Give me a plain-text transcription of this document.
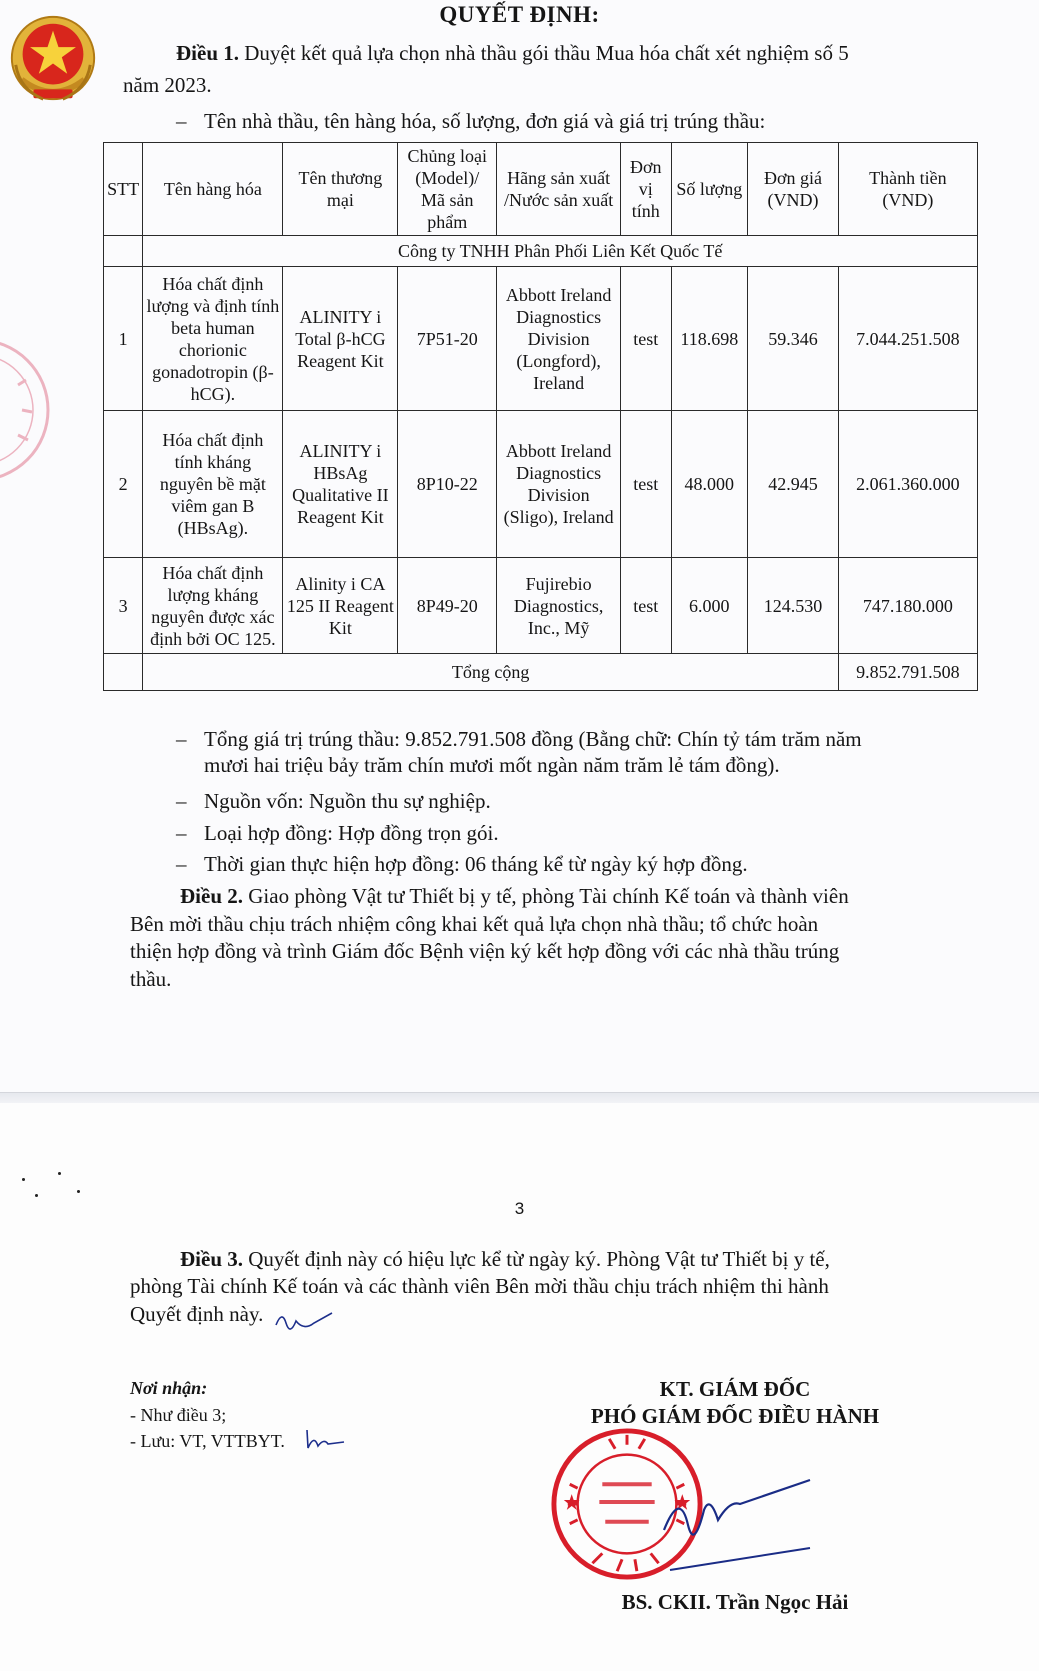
QUYẾT ĐỊNH:
Điều 1. Duyệt kết quả lựa chọn nhà thầu gói thầu Mua hóa chất xét nghiệm số 5
năm 2023.
– Tên nhà thầu, tên hàng hóa, số lượng, đơn giá và giá trị trúng thầu:
STT	Tên hàng hóa	Tên thương mại	Chủng loại (Model)/ Mã sản phẩm	Hãng sản xuất /Nước sản xuất	Đơn vị tính	Số lượng	Đơn giá (VND)	Thành tiền (VND)
	Công ty TNHH Phân Phối Liên Kết Quốc Tế							
1	Hóa chất định lượng và định tính beta human chorionic gonadotropin (β-hCG).	ALINITY i Total β-hCG Reagent Kit	7P51-20	Abbott Ireland Diagnostics Division (Longford), Ireland	test	118.698	59.346	7.044.251.508
2	Hóa chất định tính kháng nguyên bề mặt viêm gan B (HBsAg).	ALINITY i HBsAg Qualitative II Reagent Kit	8P10-22	Abbott Ireland Diagnostics Division (Sligo), Ireland	test	48.000	42.945	2.061.360.000
3	Hóa chất định lượng kháng nguyên được xác định bởi OC 125.	Alinity i CA 125 II Reagent Kit	8P49-20	Fujirebio Diagnostics, Inc., Mỹ	test	6.000	124.530	747.180.000
	Tổng cộng							9.852.791.508
– Tổng giá trị trúng thầu: 9.852.791.508 đồng (Bằng chữ: Chín tỷ tám trăm năm
mươi hai triệu bảy trăm chín mươi mốt ngàn năm trăm lẻ tám đồng).
– Nguồn vốn: Nguồn thu sự nghiệp.
– Loại hợp đồng: Hợp đồng trọn gói.
– Thời gian thực hiện hợp đồng: 06 tháng kể từ ngày ký hợp đồng.
Điều 2. Giao phòng Vật tư Thiết bị y tế, phòng Tài chính Kế toán và thành viên
Bên mời thầu chịu trách nhiệm công khai kết quả lựa chọn nhà thầu; tổ chức hoàn
thiện hợp đồng và trình Giám đốc Bệnh viện ký kết hợp đồng với các nhà thầu trúng
thầu.
3
Điều 3. Quyết định này có hiệu lực kể từ ngày ký. Phòng Vật tư Thiết bị y tế,
phòng Tài chính Kế toán và các thành viên Bên mời thầu chịu trách nhiệm thi hành
Quyết định này.
Nơi nhận:
- Như điều 3;
- Lưu: VT, VTTBYT.
KT. GIÁM ĐỐC
PHÓ GIÁM ĐỐC ĐIỀU HÀNH
BS. CKII. Trần Ngọc Hải
